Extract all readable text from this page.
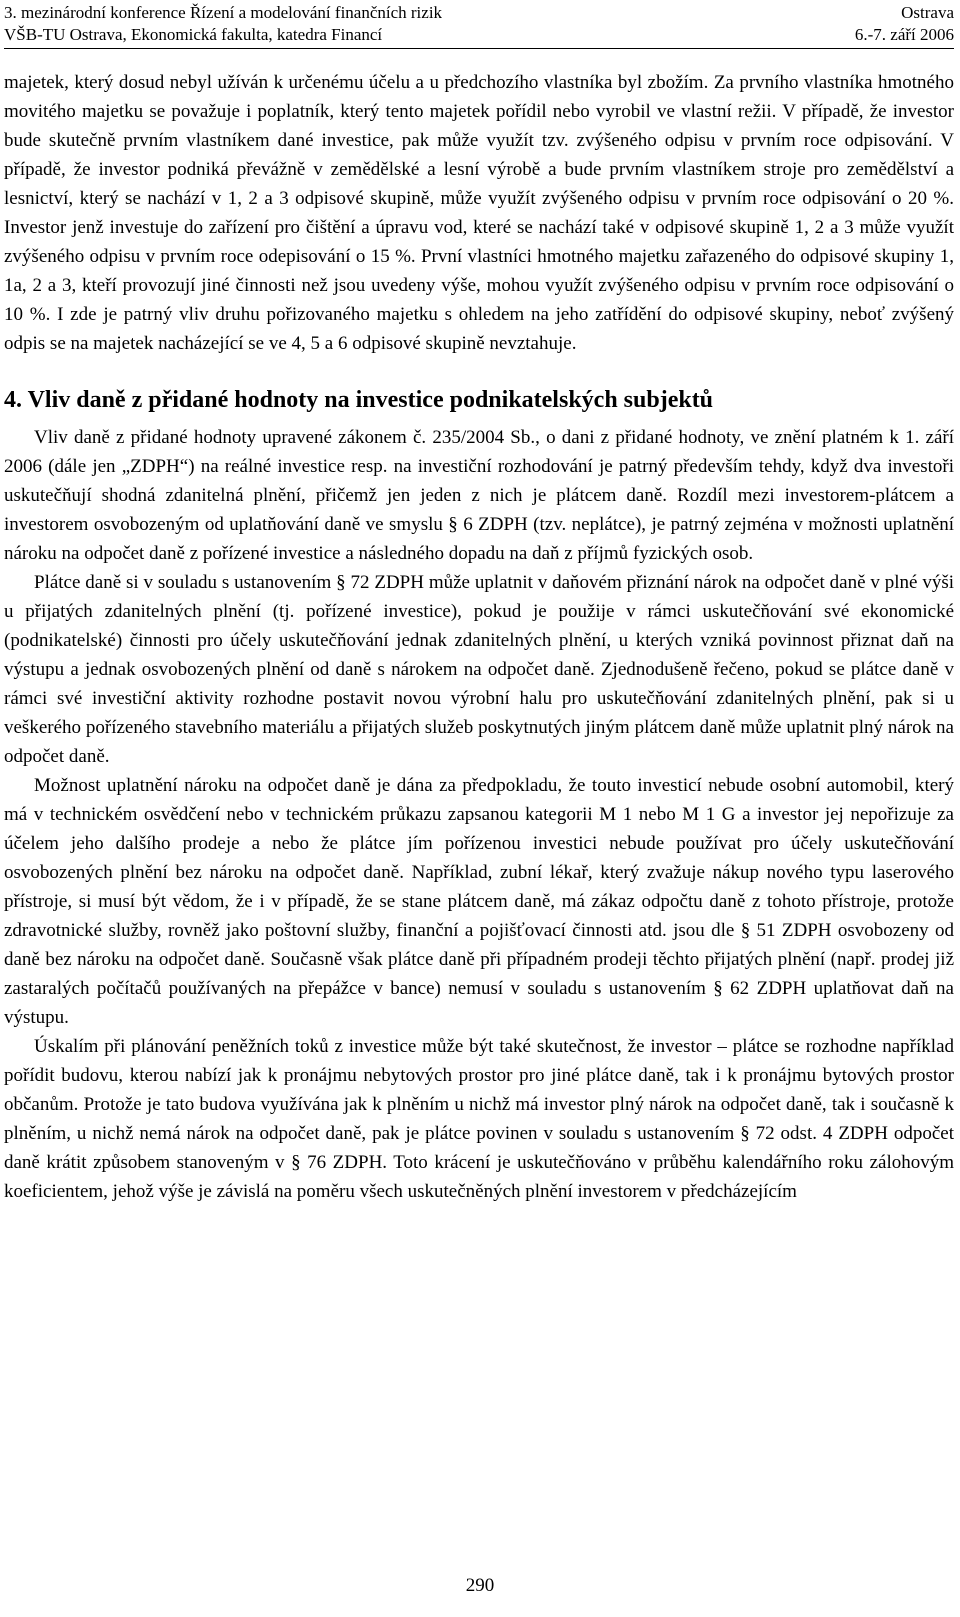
3. mezinárodní konference Řízení a modelování finančních rizik	Ostrava
VŠB-TU Ostrava, Ekonomická fakulta, katedra Financí	6.-7. září 2006

majetek, který dosud nebyl užíván k určenému účelu a u předchozího vlastníka byl zbožím. Za prvního vlastníka hmotného movitého majetku se považuje i poplatník, který tento majetek pořídil nebo vyrobil ve vlastní režii. V případě, že investor bude skutečně prvním vlastníkem dané investice, pak může využít tzv. zvýšeného odpisu v prvním roce odpisování. V případě, že investor podniká převážně v zemědělské a lesní výrobě a bude prvním vlastníkem stroje pro zemědělství a lesnictví, který se nachází v 1, 2 a 3 odpisové skupině, může využít zvýšeného odpisu v prvním roce odpisování o 20 %. Investor jenž investuje do zařízení pro čištění a úpravu vod, které se nachází také v odpisové skupině 1, 2 a 3 může využít zvýšeného odpisu v prvním roce odepisování o 15 %. První vlastníci hmotného majetku zařazeného do odpisové skupiny 1, 1a, 2 a 3, kteří provozují jiné činnosti než jsou uvedeny výše, mohou využít zvýšeného odpisu v prvním roce odpisování o 10 %. I zde je patrný vliv druhu pořizovaného majetku s ohledem na jeho zatřídění do odpisové skupiny, neboť zvýšený odpis se na majetek nacházející se ve 4, 5 a 6 odpisové skupině nevztahuje.

4. Vliv daně z přidané hodnoty na investice podnikatelských subjektů

Vliv daně z přidané hodnoty upravené zákonem č. 235/2004 Sb., o dani z přidané hodnoty, ve znění platném k 1. září 2006 (dále jen „ZDPH“) na reálné investice resp. na investiční rozhodování je patrný především tehdy, když dva investoři uskutečňují shodná zdanitelná plnění, přičemž jen jeden z nich je plátcem daně. Rozdíl mezi investorem-plátcem a investorem osvobozeným od uplatňování daně ve smyslu § 6 ZDPH (tzv. neplátce), je patrný zejména v možnosti uplatnění nároku na odpočet daně z pořízené investice a následného dopadu na daň z příjmů fyzických osob.

Plátce daně si v souladu s ustanovením § 72 ZDPH může uplatnit v daňovém přiznání nárok na odpočet daně v plné výši u přijatých zdanitelných plnění (tj. pořízené investice), pokud je použije v rámci uskutečňování své ekonomické (podnikatelské) činnosti pro účely uskutečňování jednak zdanitelných plnění, u kterých vzniká povinnost přiznat daň na výstupu a jednak osvobozených plnění od daně s nárokem na odpočet daně. Zjednodušeně řečeno, pokud se plátce daně v rámci své investiční aktivity rozhodne postavit novou výrobní halu pro uskutečňování zdanitelných plnění, pak si u veškerého pořízeného stavebního materiálu a přijatých služeb poskytnutých jiným plátcem daně může uplatnit plný nárok na odpočet daně.

Možnost uplatnění nároku na odpočet daně je dána za předpokladu, že touto investicí nebude osobní automobil, který má v technickém osvědčení nebo v technickém průkazu zapsanou kategorii M 1 nebo M 1 G a investor jej nepořizuje za účelem jeho dalšího prodeje a nebo že plátce jím pořízenou investici nebude používat pro účely uskutečňování osvobozených plnění bez nároku na odpočet daně. Například, zubní lékař, který zvažuje nákup nového typu laserového přístroje, si musí být vědom, že i v případě, že se stane plátcem daně, má zákaz odpočtu daně z tohoto přístroje, protože zdravotnické služby, rovněž jako poštovní služby, finanční a pojišťovací činnosti atd. jsou dle § 51 ZDPH osvobozeny od daně bez nároku na odpočet daně. Současně však plátce daně při případném prodeji těchto přijatých plnění (např. prodej již zastaralých počítačů používaných na přepážce v bance) nemusí v souladu s ustanovením § 62 ZDPH uplatňovat daň na výstupu.

Úskalím při plánování peněžních toků z investice může být také skutečnost, že investor – plátce se rozhodne například pořídit budovu, kterou nabízí jak k pronájmu nebytových prostor pro jiné plátce daně, tak i k pronájmu bytových prostor občanům. Protože je tato budova využívána jak k plněním u nichž má investor plný nárok na odpočet daně, tak i současně k plněním, u nichž nemá nárok na odpočet daně, pak je plátce povinen v souladu s ustanovením § 72 odst. 4 ZDPH odpočet daně krátit způsobem stanoveným v § 76 ZDPH. Toto krácení je uskutečňováno v průběhu kalendářního roku zálohovým koeficientem, jehož výše je závislá na poměru všech uskutečněných plnění investorem v předcházejícím

290
